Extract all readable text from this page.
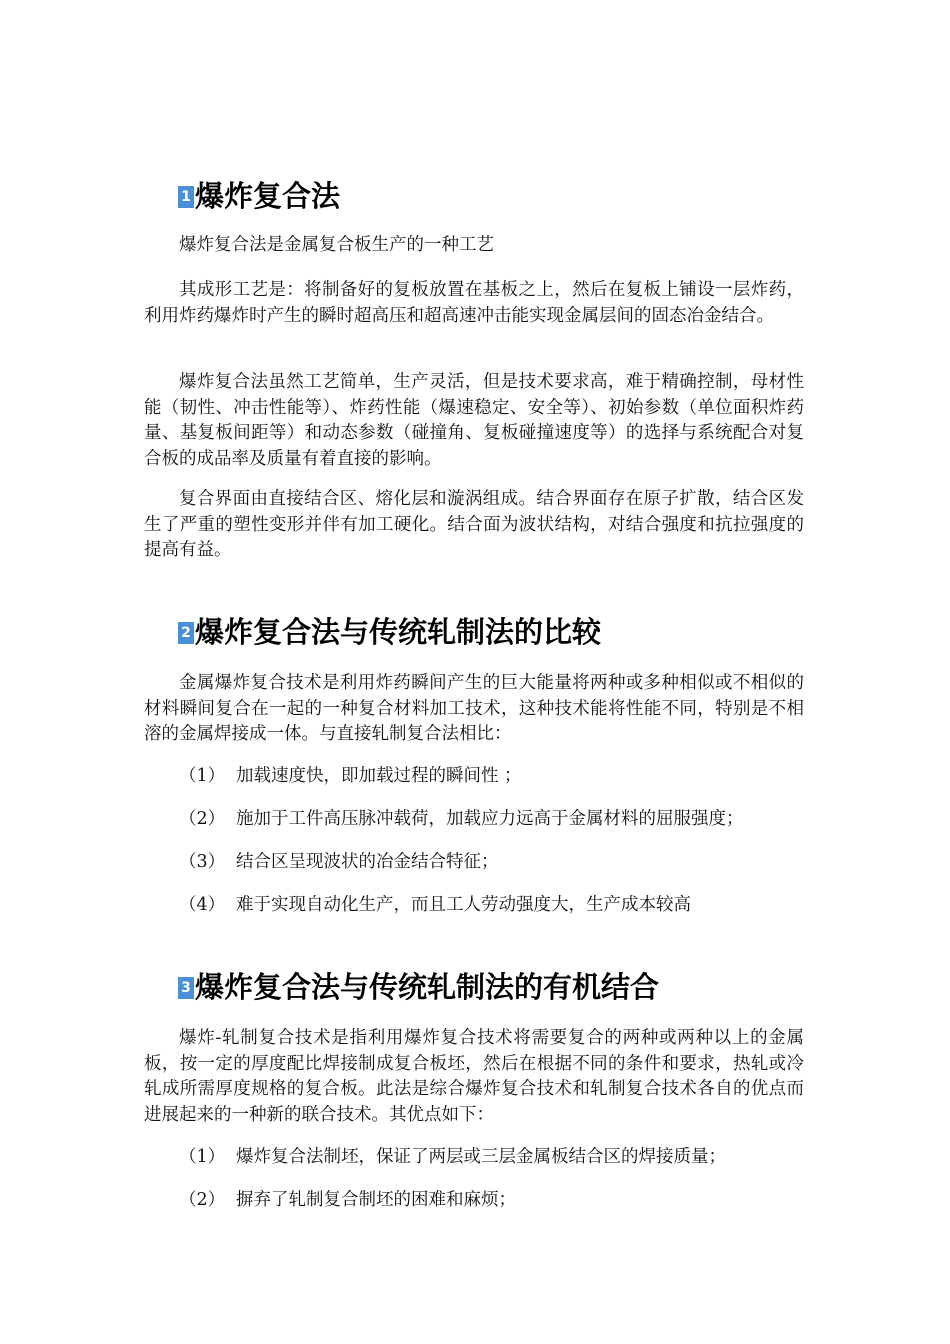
1 爆炸复合法

爆炸复合法是金属复合板生产的一种工艺

其成形工艺是：将制备好的复板放置在基板之上，然后在复板上铺设一层炸药，利用炸药爆炸时产生的瞬时超高压和超高速冲击能实现金属层间的固态冶金结合。

爆炸复合法虽然工艺简单，生产灵活，但是技术要求高，难于精确控制，母材性能（韧性、冲击性能等）、炸药性能（爆速稳定、安全等）、初始参数（单位面积炸药量、基复板间距等）和动态参数（碰撞角、复板碰撞速度等）的选择与系统配合对复合板的成品率及质量有着直接的影响。

复合界面由直接结合区、熔化层和漩涡组成。结合界面存在原子扩散，结合区发生了严重的塑性变形并伴有加工硬化。结合面为波状结构，对结合强度和抗拉强度的提高有益。

2 爆炸复合法与传统轧制法的比较

金属爆炸复合技术是利用炸药瞬间产生的巨大能量将两种或多种相似或不相似的材料瞬间复合在一起的一种复合材料加工技术，这种技术能将性能不同，特别是不相溶的金属焊接成一体。与直接轧制复合法相比：

（1） 加载速度快，即加载过程的瞬间性 ；
（2） 施加于工件高压脉冲载荷，加载应力远高于金属材料的屈服强度；
（3） 结合区呈现波状的冶金结合特征；
（4） 难于实现自动化生产，而且工人劳动强度大，生产成本较高
3 爆炸复合法与传统轧制法的有机结合

爆炸-轧制复合技术是指利用爆炸复合技术将需要复合的两种或两种以上的金属板，按一定的厚度配比焊接制成复合板坯，然后在根据不同的条件和要求，热轧或冷轧成所需厚度规格的复合板。此法是综合爆炸复合技术和轧制复合技术各自的优点而进展起来的一种新的联合技术。其优点如下：

（1） 爆炸复合法制坯，保证了两层或三层金属板结合区的焊接质量；
（2） 摒弃了轧制复合制坯的困难和麻烦；
